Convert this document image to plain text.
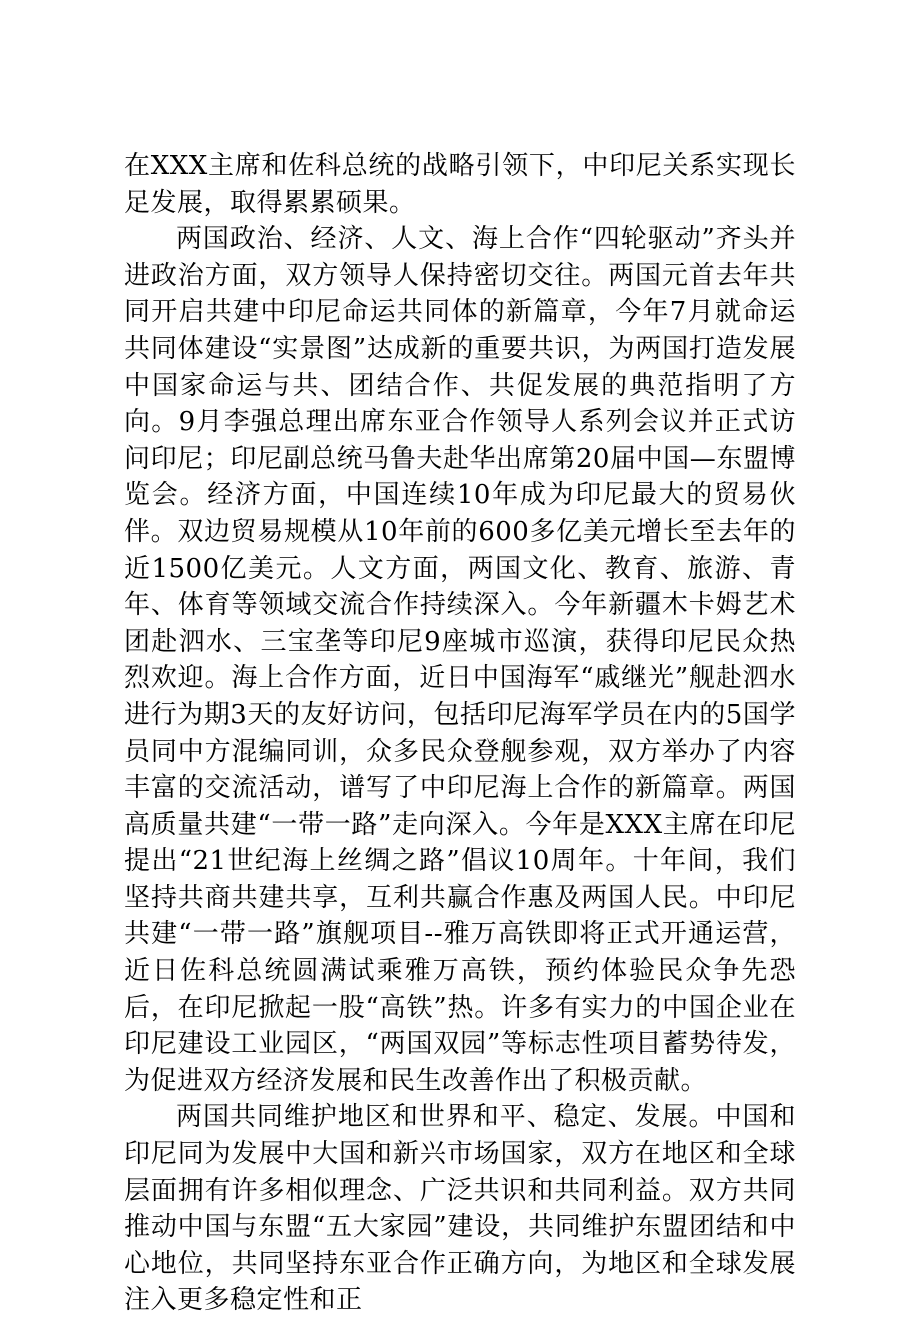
在XXX主席和佐科总统的战略引领下，中印尼关系实现长足发展，取得累累硕果。

两国政治、经济、人文、海上合作“四轮驱动”齐头并进政治方面，双方领导人保持密切交往。两国元首去年共同开启共建中印尼命运共同体的新篇章，今年7月就命运共同体建设“实景图”达成新的重要共识，为两国打造发展中国家命运与共、团结合作、共促发展的典范指明了方向。9月李强总理出席东亚合作领导人系列会议并正式访问印尼；印尼副总统马鲁夫赴华出席第20届中国—东盟博览会。经济方面，中国连续10年成为印尼最大的贸易伙伴。双边贸易规模从10年前的600多亿美元增长至去年的近1500亿美元。人文方面，两国文化、教育、旅游、青年、体育等领域交流合作持续深入。今年新疆木卡姆艺术团赴泗水、三宝垄等印尼9座城市巡演，获得印尼民众热烈欢迎。海上合作方面，近日中国海军“戚继光”舰赴泗水进行为期3天的友好访问，包括印尼海军学员在内的5国学员同中方混编同训，众多民众登舰参观，双方举办了内容丰富的交流活动，谱写了中印尼海上合作的新篇章。两国高质量共建“一带一路”走向深入。今年是XXX主席在印尼提出“21世纪海上丝绸之路”倡议10周年。十年间，我们坚持共商共建共享，互利共赢合作惠及两国人民。中印尼共建“一带一路”旗舰项目--雅万高铁即将正式开通运营，近日佐科总统圆满试乘雅万高铁，预约体验民众争先恐后，在印尼掀起一股“高铁”热。许多有实力的中国企业在印尼建设工业园区，“两国双园”等标志性项目蓄势待发，为促进双方经济发展和民生改善作出了积极贡献。

两国共同维护地区和世界和平、稳定、发展。中国和印尼同为发展中大国和新兴市场国家，双方在地区和全球层面拥有许多相似理念、广泛共识和共同利益。双方共同推动中国与东盟“五大家园”建设，共同维护东盟团结和中心地位，共同坚持东亚合作正确方向，为地区和全球发展注入更多稳定性和正
